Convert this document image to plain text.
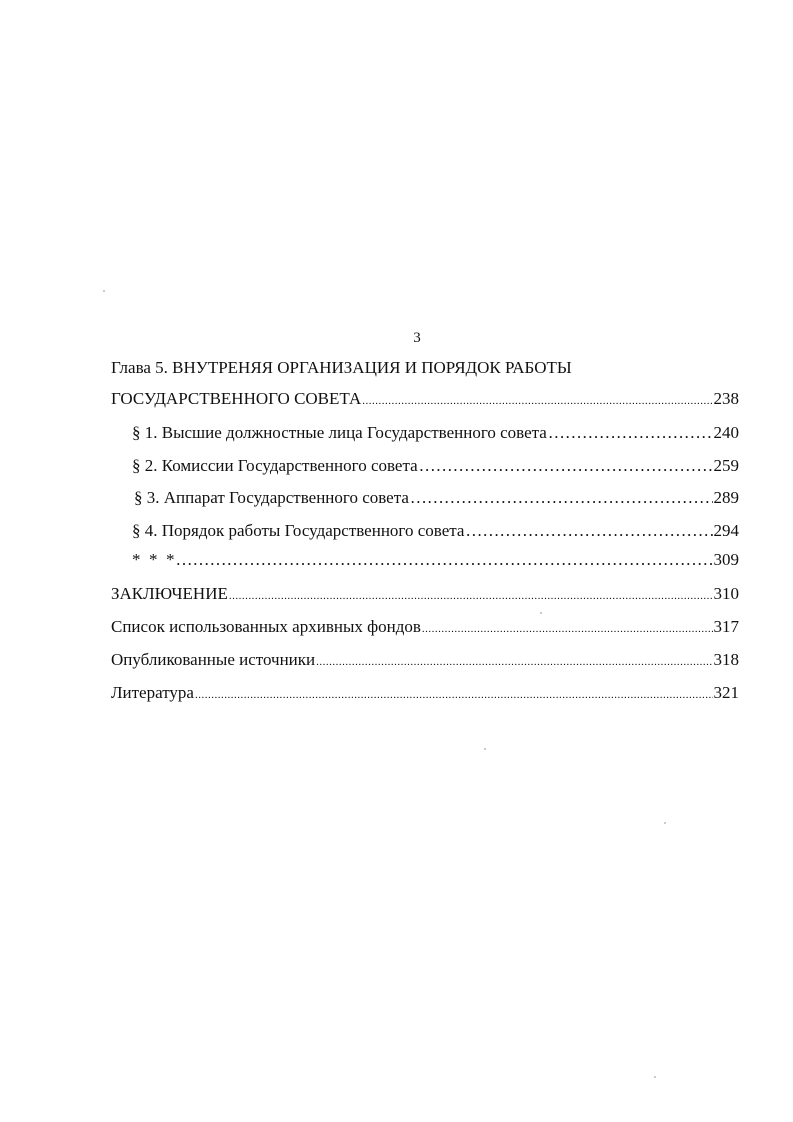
3
Глава 5. ВНУТРЕНЯЯ ОРГАНИЗАЦИЯ И ПОРЯДОК РАБОТЫ
ГОСУДАРСТВЕННОГО СОВЕТА .....	238
§ 1. Высшие должностные лица Государственного совета …………………………………………………………………………………………………………………………………	240
§ 2. Комиссии Государственного совета …………………………………………………………………………………………………………………………………	259
§ 3. Аппарат Государственного совета …………………………………………………………………………………………………………………………………	289
§ 4. Порядок работы Государственного совета …………………………………………………………………………………………………………………………………	294
*  *  * …………………………………………………………………………………………………………………………………	309
ЗАКЛЮЧЕНИЕ .....	310
Список использованных архивных фондов .....	317
Опубликованные источники .....	318
Литература .....	321
